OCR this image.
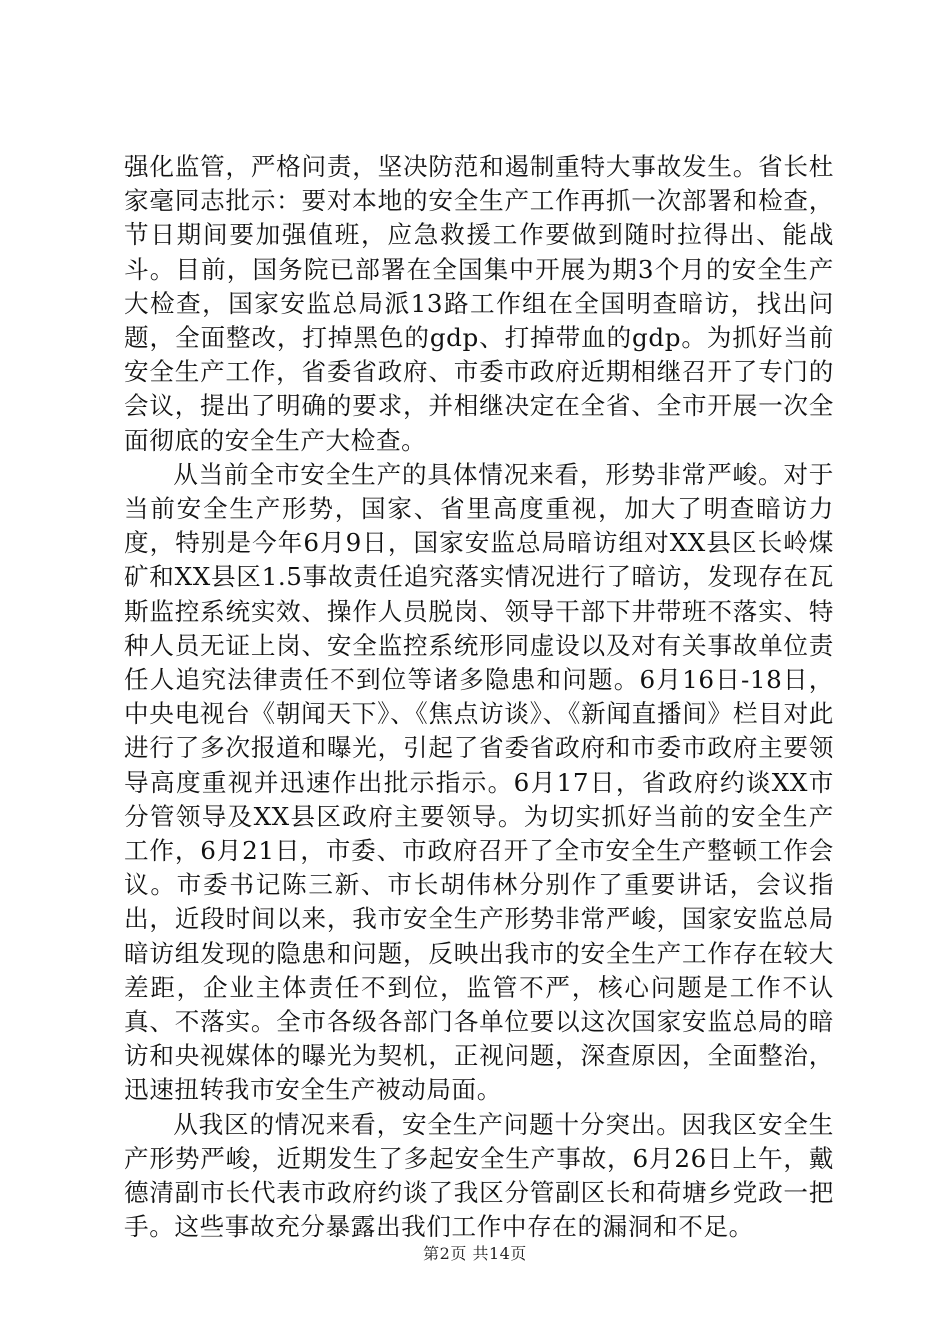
强化监管，严格问责，坚决防范和遏制重特大事故发生。省长杜家毫同志批示：要对本地的安全生产工作再抓一次部署和检查，节日期间要加强值班，应急救援工作要做到随时拉得出、能战斗。目前，国务院已部署在全国集中开展为期3个月的安全生产大检查，国家安监总局派13路工作组在全国明查暗访，找出问题，全面整改，打掉黑色的gdp、打掉带血的gdp。为抓好当前安全生产工作，省委省政府、市委市政府近期相继召开了专门的会议，提出了明确的要求，并相继决定在全省、全市开展一次全面彻底的安全生产大检查。

从当前全市安全生产的具体情况来看，形势非常严峻。对于当前安全生产形势，国家、省里高度重视，加大了明查暗访力度，特别是今年6月9日，国家安监总局暗访组对XX县区长岭煤矿和XX县区1.5事故责任追究落实情况进行了暗访，发现存在瓦斯监控系统实效、操作人员脱岗、领导干部下井带班不落实、特种人员无证上岗、安全监控系统形同虚设以及对有关事故单位责任人追究法律责任不到位等诸多隐患和问题。6月16日-18日，中央电视台《朝闻天下》、《焦点访谈》、《新闻直播间》栏目对此进行了多次报道和曝光，引起了省委省政府和市委市政府主要领导高度重视并迅速作出批示指示。6月17日，省政府约谈XX市分管领导及XX县区政府主要领导。为切实抓好当前的安全生产工作，6月21日，市委、市政府召开了全市安全生产整顿工作会议。市委书记陈三新、市长胡伟林分别作了重要讲话，会议指出，近段时间以来，我市安全生产形势非常严峻，国家安监总局暗访组发现的隐患和问题，反映出我市的安全生产工作存在较大差距，企业主体责任不到位，监管不严，核心问题是工作不认真、不落实。全市各级各部门各单位要以这次国家安监总局的暗访和央视媒体的曝光为契机，正视问题，深查原因，全面整治，迅速扭转我市安全生产被动局面。

从我区的情况来看，安全生产问题十分突出。因我区安全生产形势严峻，近期发生了多起安全生产事故，6月26日上午，戴德清副市长代表市政府约谈了我区分管副区长和荷塘乡党政一把手。这些事故充分暴露出我们工作中存在的漏洞和不足。

第2页 共14页
